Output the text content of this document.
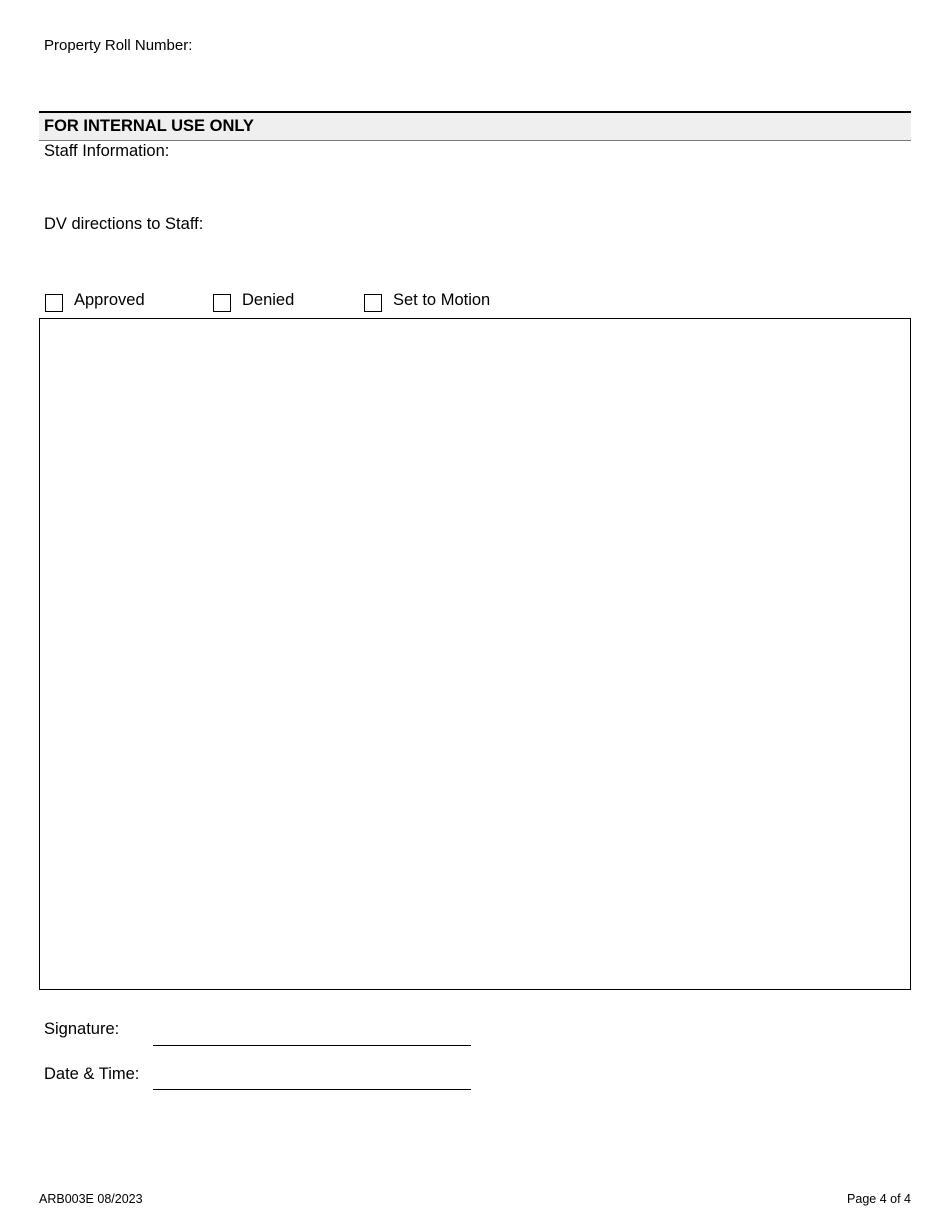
Property Roll Number:
FOR INTERNAL USE ONLY
Staff Information:
DV directions to Staff:
Approved	Denied	Set to Motion
Signature:
Date & Time:
ARB003E 08/2023	Page 4 of 4
